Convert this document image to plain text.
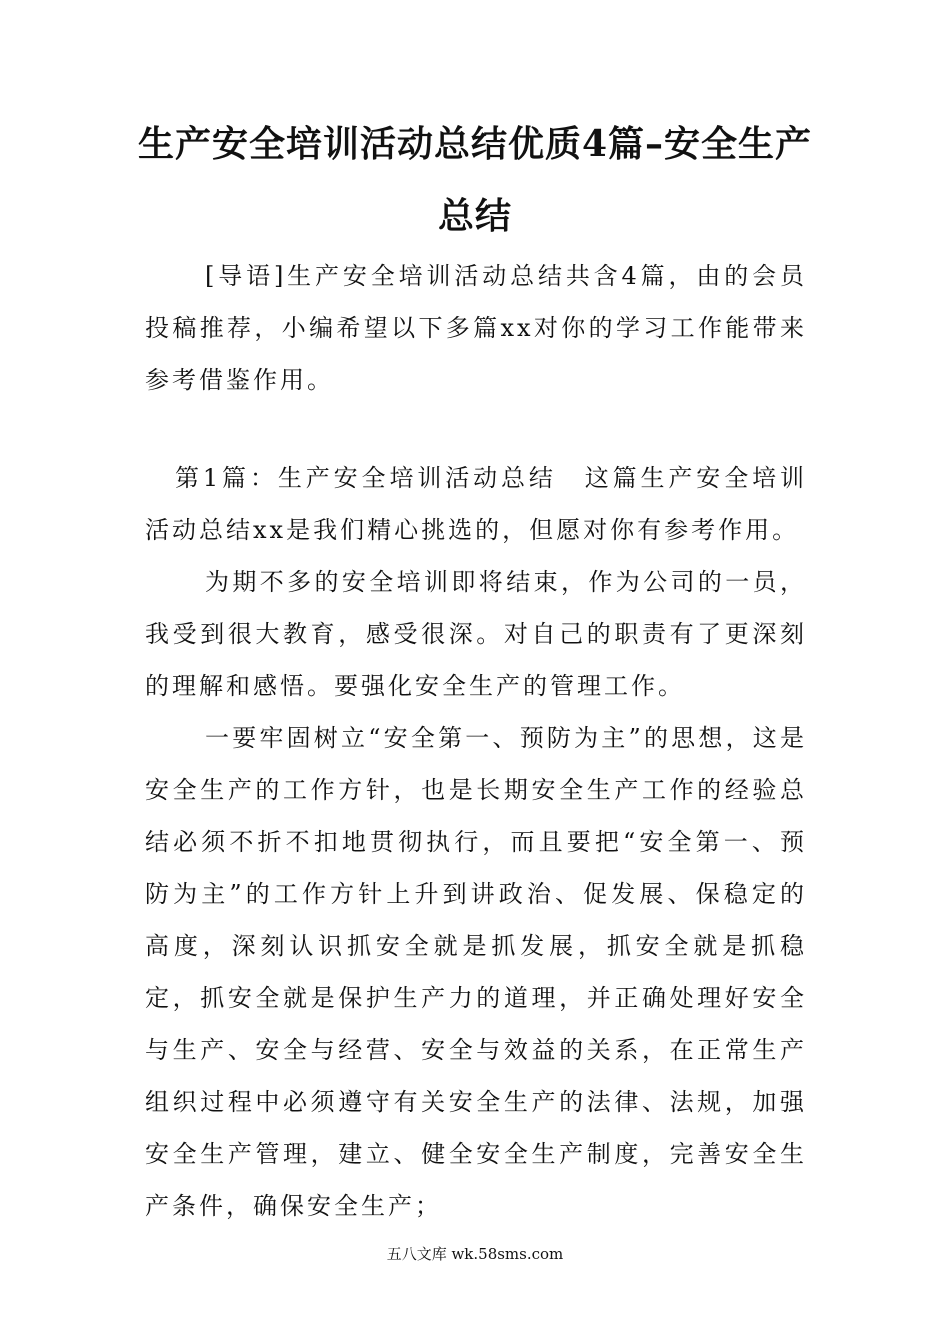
生产安全培训活动总结优质4篇–安全生产总结

[导语]生产安全培训活动总结共含4篇，由的会员投稿推荐，小编希望以下多篇xx对你的学习工作能带来参考借鉴作用。

第1篇：生产安全培训活动总结　这篇生产安全培训活动总结xx是我们精心挑选的，但愿对你有参考作用。

为期不多的安全培训即将结束，作为公司的一员，我受到很大教育，感受很深。对自己的职责有了更深刻的理解和感悟。要强化安全生产的管理工作。

一要牢固树立“安全第一、预防为主”的思想，这是安全生产的工作方针，也是长期安全生产工作的经验总结必须不折不扣地贯彻执行，而且要把“安全第一、预防为主”的工作方针上升到讲政治、促发展、保稳定的高度，深刻认识抓安全就是抓发展，抓安全就是抓稳定，抓安全就是保护生产力的道理，并正确处理好安全与生产、安全与经营、安全与效益的关系，在正常生产组织过程中必须遵守有关安全生产的法律、法规，加强安全生产管理，建立、健全安全生产制度，完善安全生产条件，确保安全生产；

五八文库 wk.58sms.com
